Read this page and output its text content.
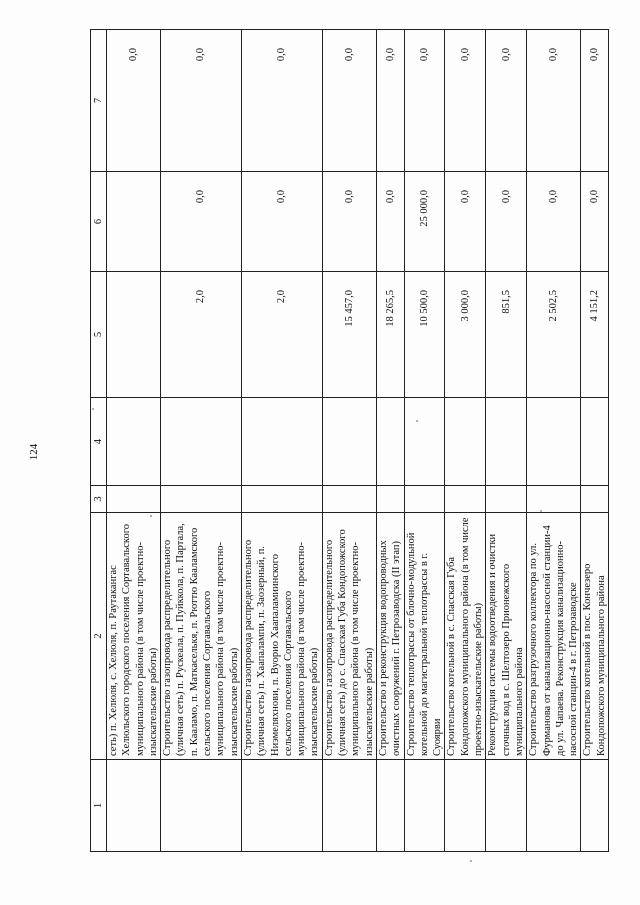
124
1	2	3	4	5	6	7
	сеть) п. Хелюля, с. Хелюля, п. Раутакангас Хелюльского городского поселения Сортавальского муниципального района (в том числе проектно-изыскательские работы)					0,0
	Строительство газопровода распределительного (уличная сеть) п. Рускеала, п. Пуйккола, п. Партала, п. Кааламо, п. Маткаселькя, п. Рюттю Кааламского сельского поселения Сортавальского муниципального района (в том числе проектно-изыскательские работы)			2,0	0,0	0,0
	Строительство газопровода распределительного (уличная сеть) п. Хаапалампи, п. Заозерный, п. Ниэмеляхнови, п. Вуорио Хаапаламиинского сельского поселения Сортавальского муниципального района (в том числе проектно-изыскательские работы)			2,0	0,0	0,0
	Строительство газопровода распределительного (уличная сеть) до с. Спасская Губа Кондопожского муниципального района (в том числе проектно-изыскательские работы)			15 457,0	0,0	0,0
	Строительство и реконструкция водопроводных очистных сооружений г. Петрозаводска (II этап)			18 265,5	0,0	0,0
	Строительство теплотрассы от блочно-модульной котельной до магистральной теплотрассы в г. Суоярви			10 500,0	25 000,0	0,0
	Строительство котельной в с. Спасская Губа Кондопожского муниципального района (в том числе проектно-изыскательские работы)			3 000,0	0,0	0,0
	Реконструкция системы водоотведения и очистки сточных вод в с. Шелтозеро Прионежского муниципального района			851,5	0,0	0,0
	Строительство разгрузочного коллектора по ул. Фурманова от канализационно-насосной станции-4 до ул. Чапаева. Реконструкция канализационно-насосной станции-4 в г. Петрозаводске			2 502,5	0,0	0,0
	Строительство котельной в пос. Кончезеро Кондопожского муниципального района			4 151,2	0,0	0,0
